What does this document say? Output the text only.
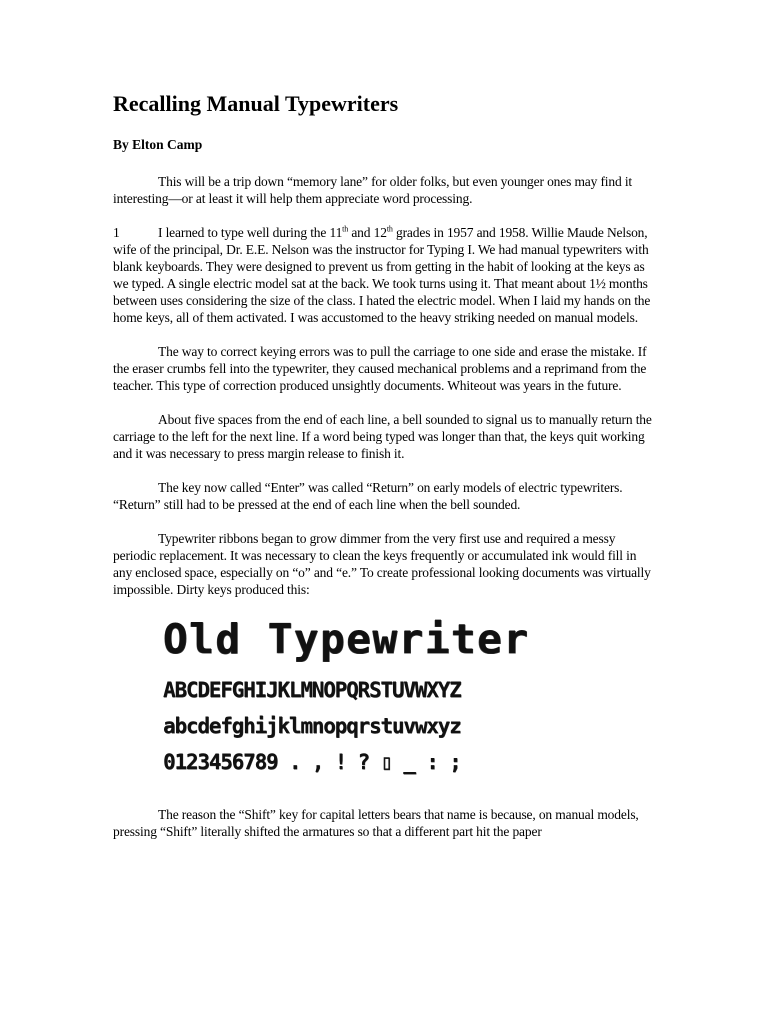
Recalling Manual Typewriters

By Elton Camp

This will be a trip down “memory lane” for older folks, but even younger ones may find it interesting—or at least it will help them appreciate word processing.

1	I learned to type well during the 11th and 12th grades in 1957 and 1958. Willie Maude Nelson, wife of the principal, Dr. E.E. Nelson was the instructor for Typing I. We had manual typewriters with blank keyboards. They were designed to prevent us from getting in the habit of looking at the keys as we typed. A single electric model sat at the back. We took turns using it. That meant about 1½ months between uses considering the size of the class. I hated the electric model. When I laid my hands on the home keys, all of them activated. I was accustomed to the heavy striking needed on manual models.

The way to correct keying errors was to pull the carriage to one side and erase the mistake. If the eraser crumbs fell into the typewriter, they caused mechanical problems and a reprimand from the teacher. This type of correction produced unsightly documents. Whiteout was years in the future.

About five spaces from the end of each line, a bell sounded to signal us to manually return the carriage to the left for the next line. If a word being typed was longer than that, the keys quit working and it was necessary to press margin release to finish it.

The key now called “Enter” was called “Return” on early models of electric typewriters. “Return” still had to be pressed at the end of each line when the bell sounded.

Typewriter ribbons began to grow dimmer from the very first use and required a messy periodic replacement. It was necessary to clean the keys frequently or accumulated ink would fill in any enclosed space, especially on “o” and “e.” To create professional looking documents was virtually impossible. Dirty keys produced this:

Old Typewriter
ABCDEFGHIJKLMNOPQRSTUVWXYZ
abcdefghijklmnopqrstuvwxyz
0123456789 . , ! ? ▯ _ : ;

The reason the “Shift” key for capital letters bears that name is because, on manual models, pressing “Shift” literally shifted the armatures so that a different part hit the paper
